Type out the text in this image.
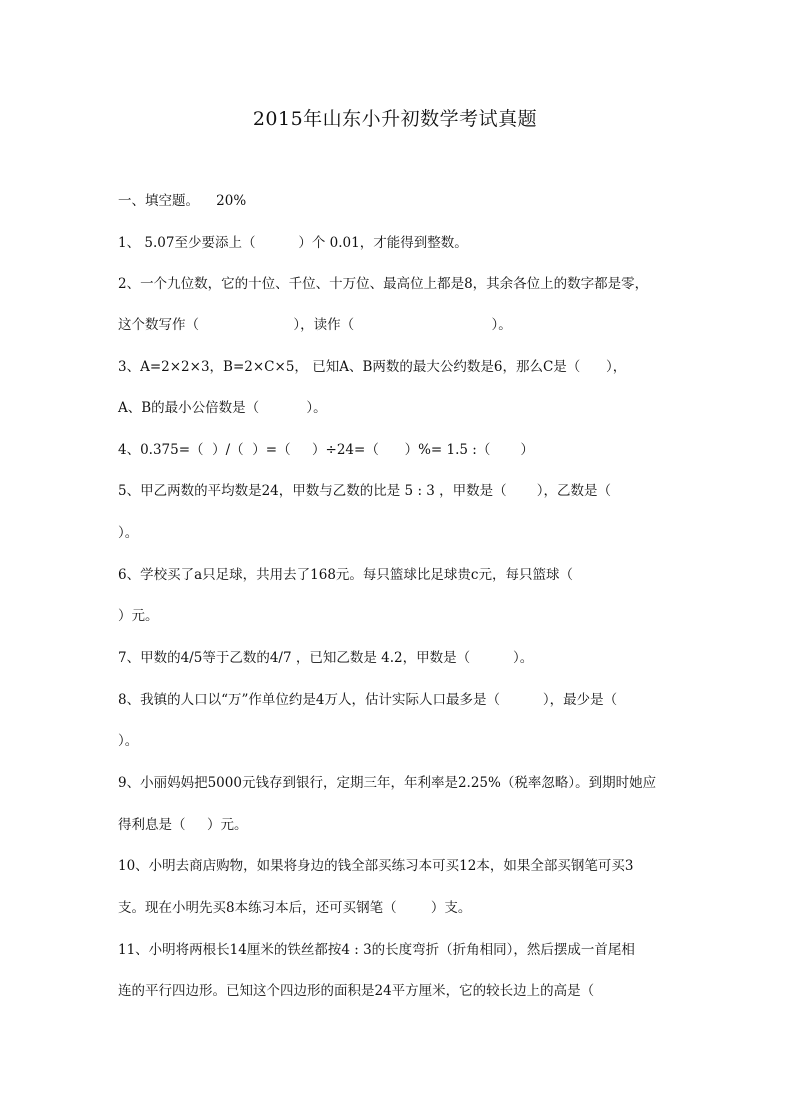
2015年山东小升初数学考试真题
一、填空题。    20%
1、 5.07至少要添上（          ）个 0.01，才能得到整数。
2、一个九位数，它的十位、千位、十万位、最高位上都是8，其余各位上的数字都是零，
这个数写作（                      ），读作（                                ）。
3、A=2×2×3，B=2×C×5， 已知A、B两数的最大公约数是6，那么C是（      ），
A、B的最小公倍数是（           ）。
4、0.375=（  ）/（  ）=（     ）÷24=（      ）%= 1.5 :（       ）
5、甲乙两数的平均数是24，甲数与乙数的比是 5 : 3 ，甲数是（       ），乙数是（
）。
6、学校买了a只足球，共用去了168元。每只篮球比足球贵c元，每只篮球（
）元。
7、甲数的4/5等于乙数的4/7 ，已知乙数是 4.2，甲数是（          ）。
8、我镇的人口以“万”作单位约是4万人，估计实际人口最多是（          ），最少是（
）。
9、小丽妈妈把5000元钱存到银行，定期三年，年利率是2.25%（税率忽略）。到期时她应
得利息是（     ）元。
10、小明去商店购物，如果将身边的钱全部买练习本可买12本，如果全部买钢笔可买3
支。现在小明先买8本练习本后，还可买钢笔（        ）支。
11、小明将两根长14厘米的铁丝都按4 : 3的长度弯折（折角相同），然后摆成一首尾相
连的平行四边形。已知这个四边形的面积是24平方厘米，它的较长边上的高是（
